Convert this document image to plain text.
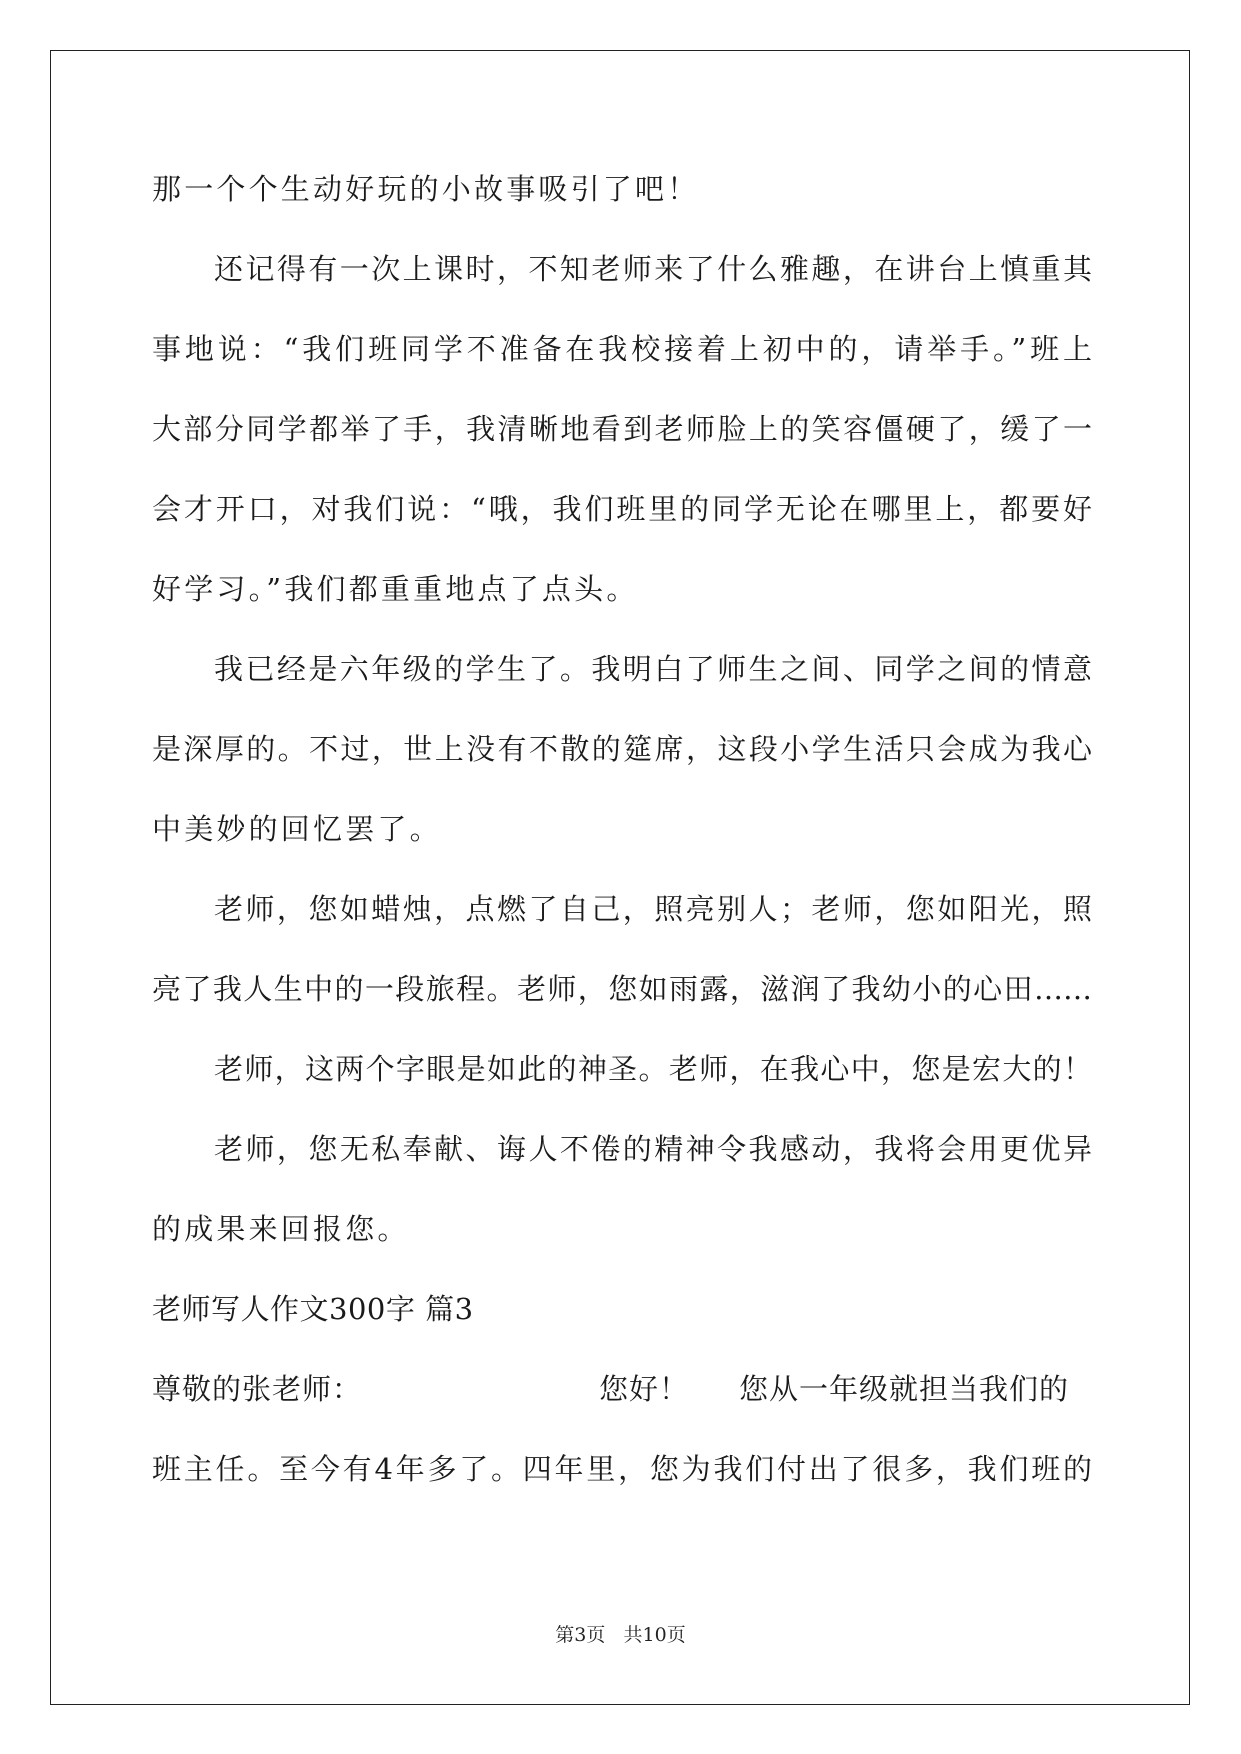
那一个个生动好玩的小故事吸引了吧！
还记得有一次上课时，不知老师来了什么雅趣，在讲台上慎重其
事地说：“我们班同学不准备在我校接着上初中的，请举手。”班上
大部分同学都举了手，我清晰地看到老师脸上的笑容僵硬了，缓了一
会才开口，对我们说：“哦，我们班里的同学无论在哪里上，都要好
好学习。”我们都重重地点了点头。
我已经是六年级的学生了。我明白了师生之间、同学之间的情意
是深厚的。不过，世上没有不散的筵席，这段小学生活只会成为我心
中美妙的回忆罢了。
老师，您如蜡烛，点燃了自己，照亮别人；老师，您如阳光，照
亮了我人生中的一段旅程。老师，您如雨露，滋润了我幼小的心田……
老师，这两个字眼是如此的神圣。老师，在我心中，您是宏大的！
老师，您无私奉献、诲人不倦的精神令我感动，我将会用更优异
的成果来回报您。
老师写人作文300字 篇3
尊敬的张老师：	您好！ 您从一年级就担当我们的
班主任。至今有4年多了。四年里，您为我们付出了很多，我们班的
第3页 共10页
